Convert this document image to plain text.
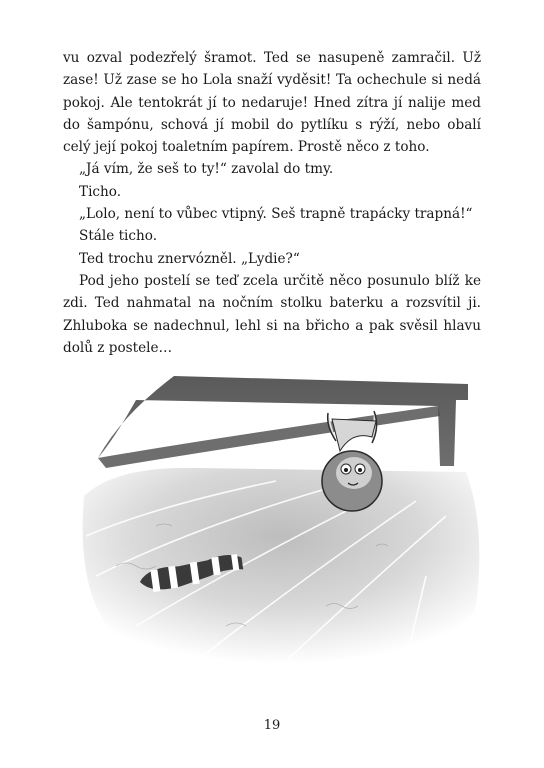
vu ozval podezřelý šramot. Ted se nasupeně zamračil. Už zase! Už zase se ho Lola snaží vyděsit! Ta ochechule si nedá pokoj. Ale tentokrát jí to nedaruje! Hned zítra jí nalije med do šampónu, schová jí mobil do pytlíku s rýží, nebo obalí celý její pokoj toaletním papírem. Prostě něco z toho.

„Já vím, že seš to ty!“ zavolal do tmy.

Ticho.

„Lolo, není to vůbec vtipný. Seš trapně trapácky trapná!“

Stále ticho.

Ted trochu znervózněl. „Lydie?“

Pod jeho postelí se teď zcela určitě něco posunulo blíž ke zdi. Ted nahmatal na nočním stolku baterku a rozsvítil ji. Zhluboka se nadechnul, lehl si na břicho a pak svěsil hlavu dolů z postele…

19
